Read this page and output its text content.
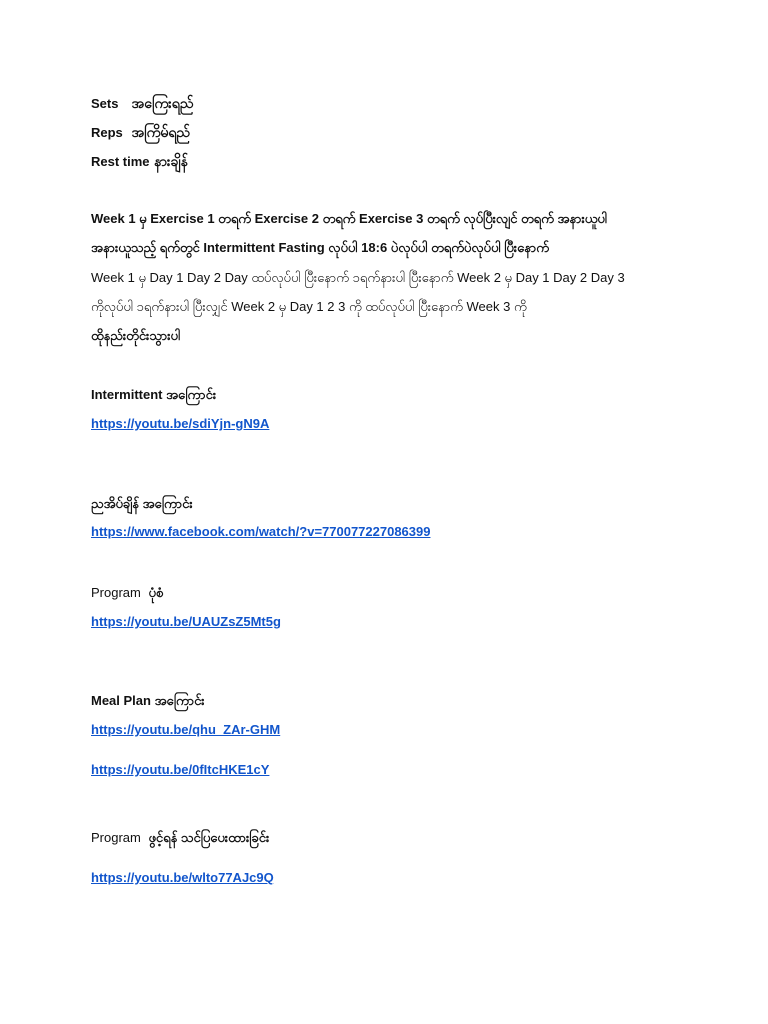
Sets အကြေးရည်
Reps အကြိမ်ရည်
Rest time နားချိန်
Week 1 မှ Exercise 1 တရက် Exercise 2 တရက် Exercise 3 တရက် လုပ်ပြီးလျင် တရက် အနားယူပါ
အနားယူသည့် ရက်တွင် Intermittent Fasting လုပ်ပါ 18:6 ပဲလုပ်ပါ တရက်ပဲလုပ်ပါ ပြီးနောက်
Week 1 မှ Day 1 Day 2 Day ထပ်လုပ်ပါ ပြီးနောက် ၁ရက်နားပါ ပြီးနောက် Week 2 မှ Day 1 Day 2 Day 3
ကိုလုပ်ပါ ၁ရက်နားပါ ပြီးလျှင် Week 2 မှ Day 1 2 3 ကို ထပ်လုပ်ပါ ပြီးနောက် Week 3 ကို
ထိုနည်းတိုင်းသွားပါ
Intermittent အကြောင်း
https://youtu.be/sdiYjn-gN9A
ညအိပ်ချိန် အကြောင်း
https://www.facebook.com/watch/?v=770077227086399
Program ပုံစံ
https://youtu.be/UAUZsZ5Mt5g
Meal Plan အကြောင်း
https://youtu.be/qhu_ZAr-GHM
https://youtu.be/0fItcHKE1cY
Program ဖွင့်ရန် သင်ပြပေးထားခြင်း
https://youtu.be/wlto77AJc9Q
